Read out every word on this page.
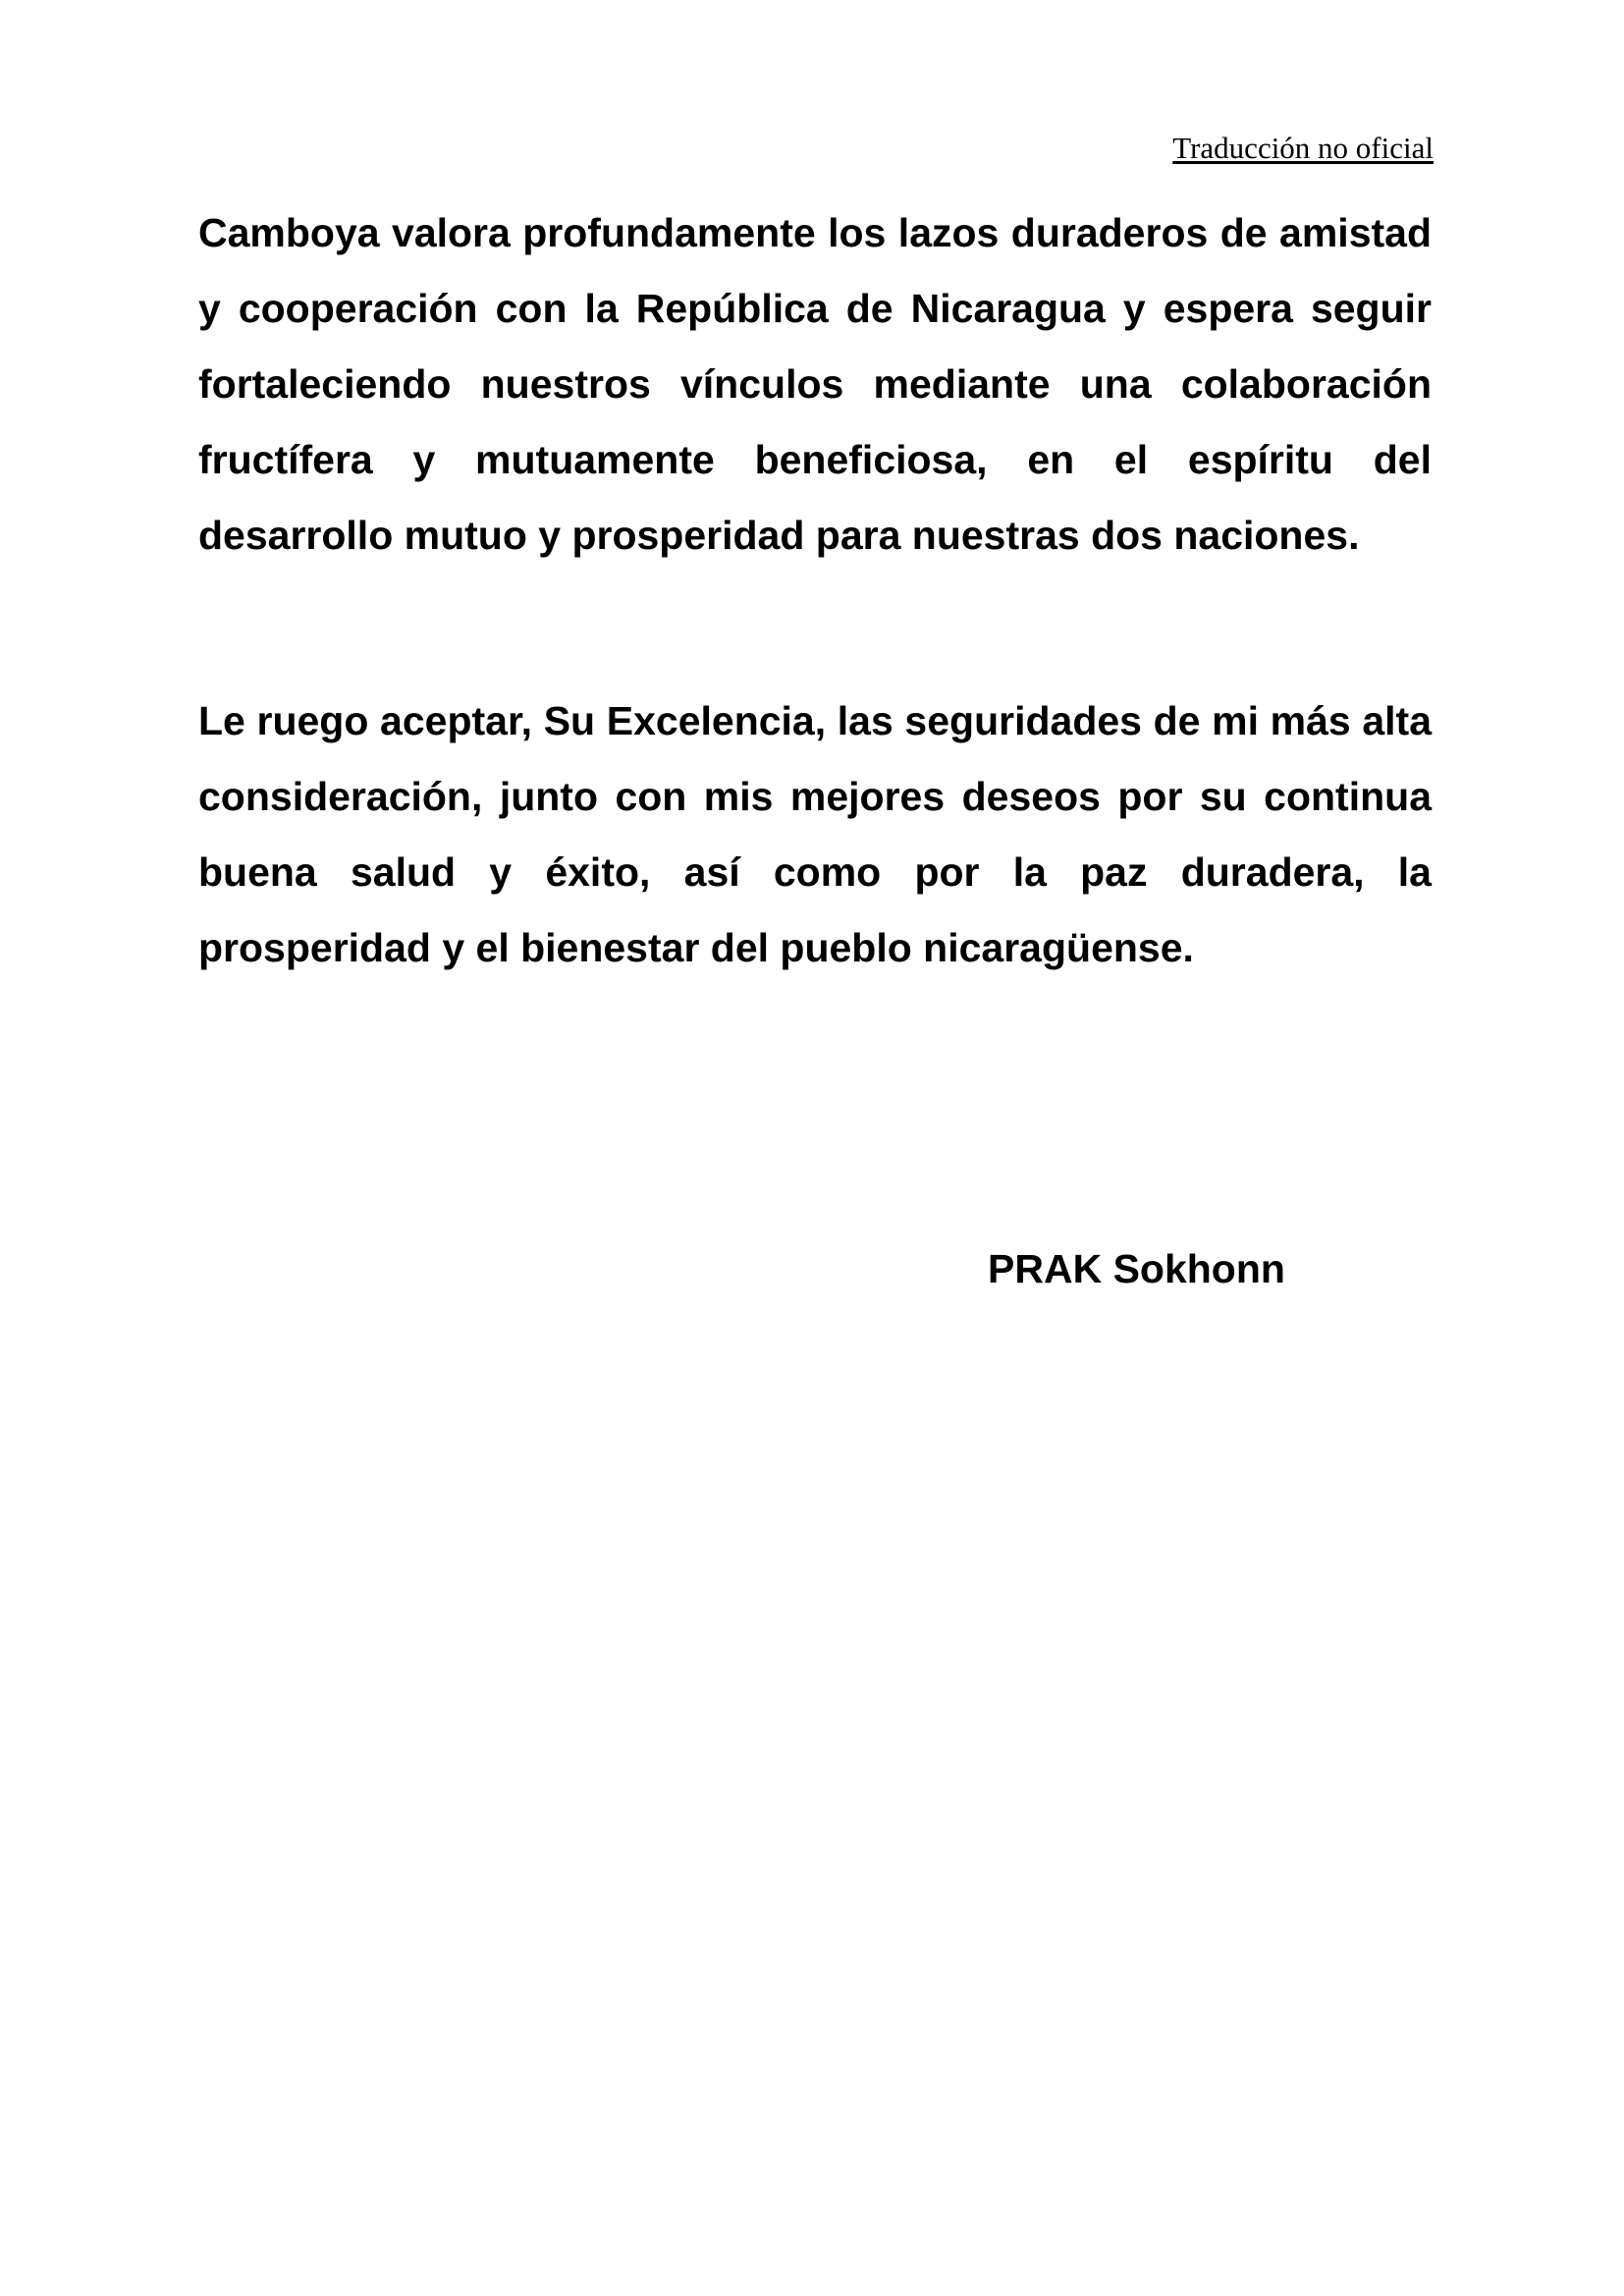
Traducción no oficial

Camboya valora profundamente los lazos duraderos de amistad y cooperación con la República de Nicaragua y espera seguir fortaleciendo nuestros vínculos mediante una colaboración fructífera y mutuamente beneficiosa, en el espíritu del desarrollo mutuo y prosperidad para nuestras dos naciones.

Le ruego aceptar, Su Excelencia, las seguridades de mi más alta consideración, junto con mis mejores deseos por su continua buena salud y éxito, así como por la paz duradera, la prosperidad y el bienestar del pueblo nicaragüense.

PRAK Sokhonn
